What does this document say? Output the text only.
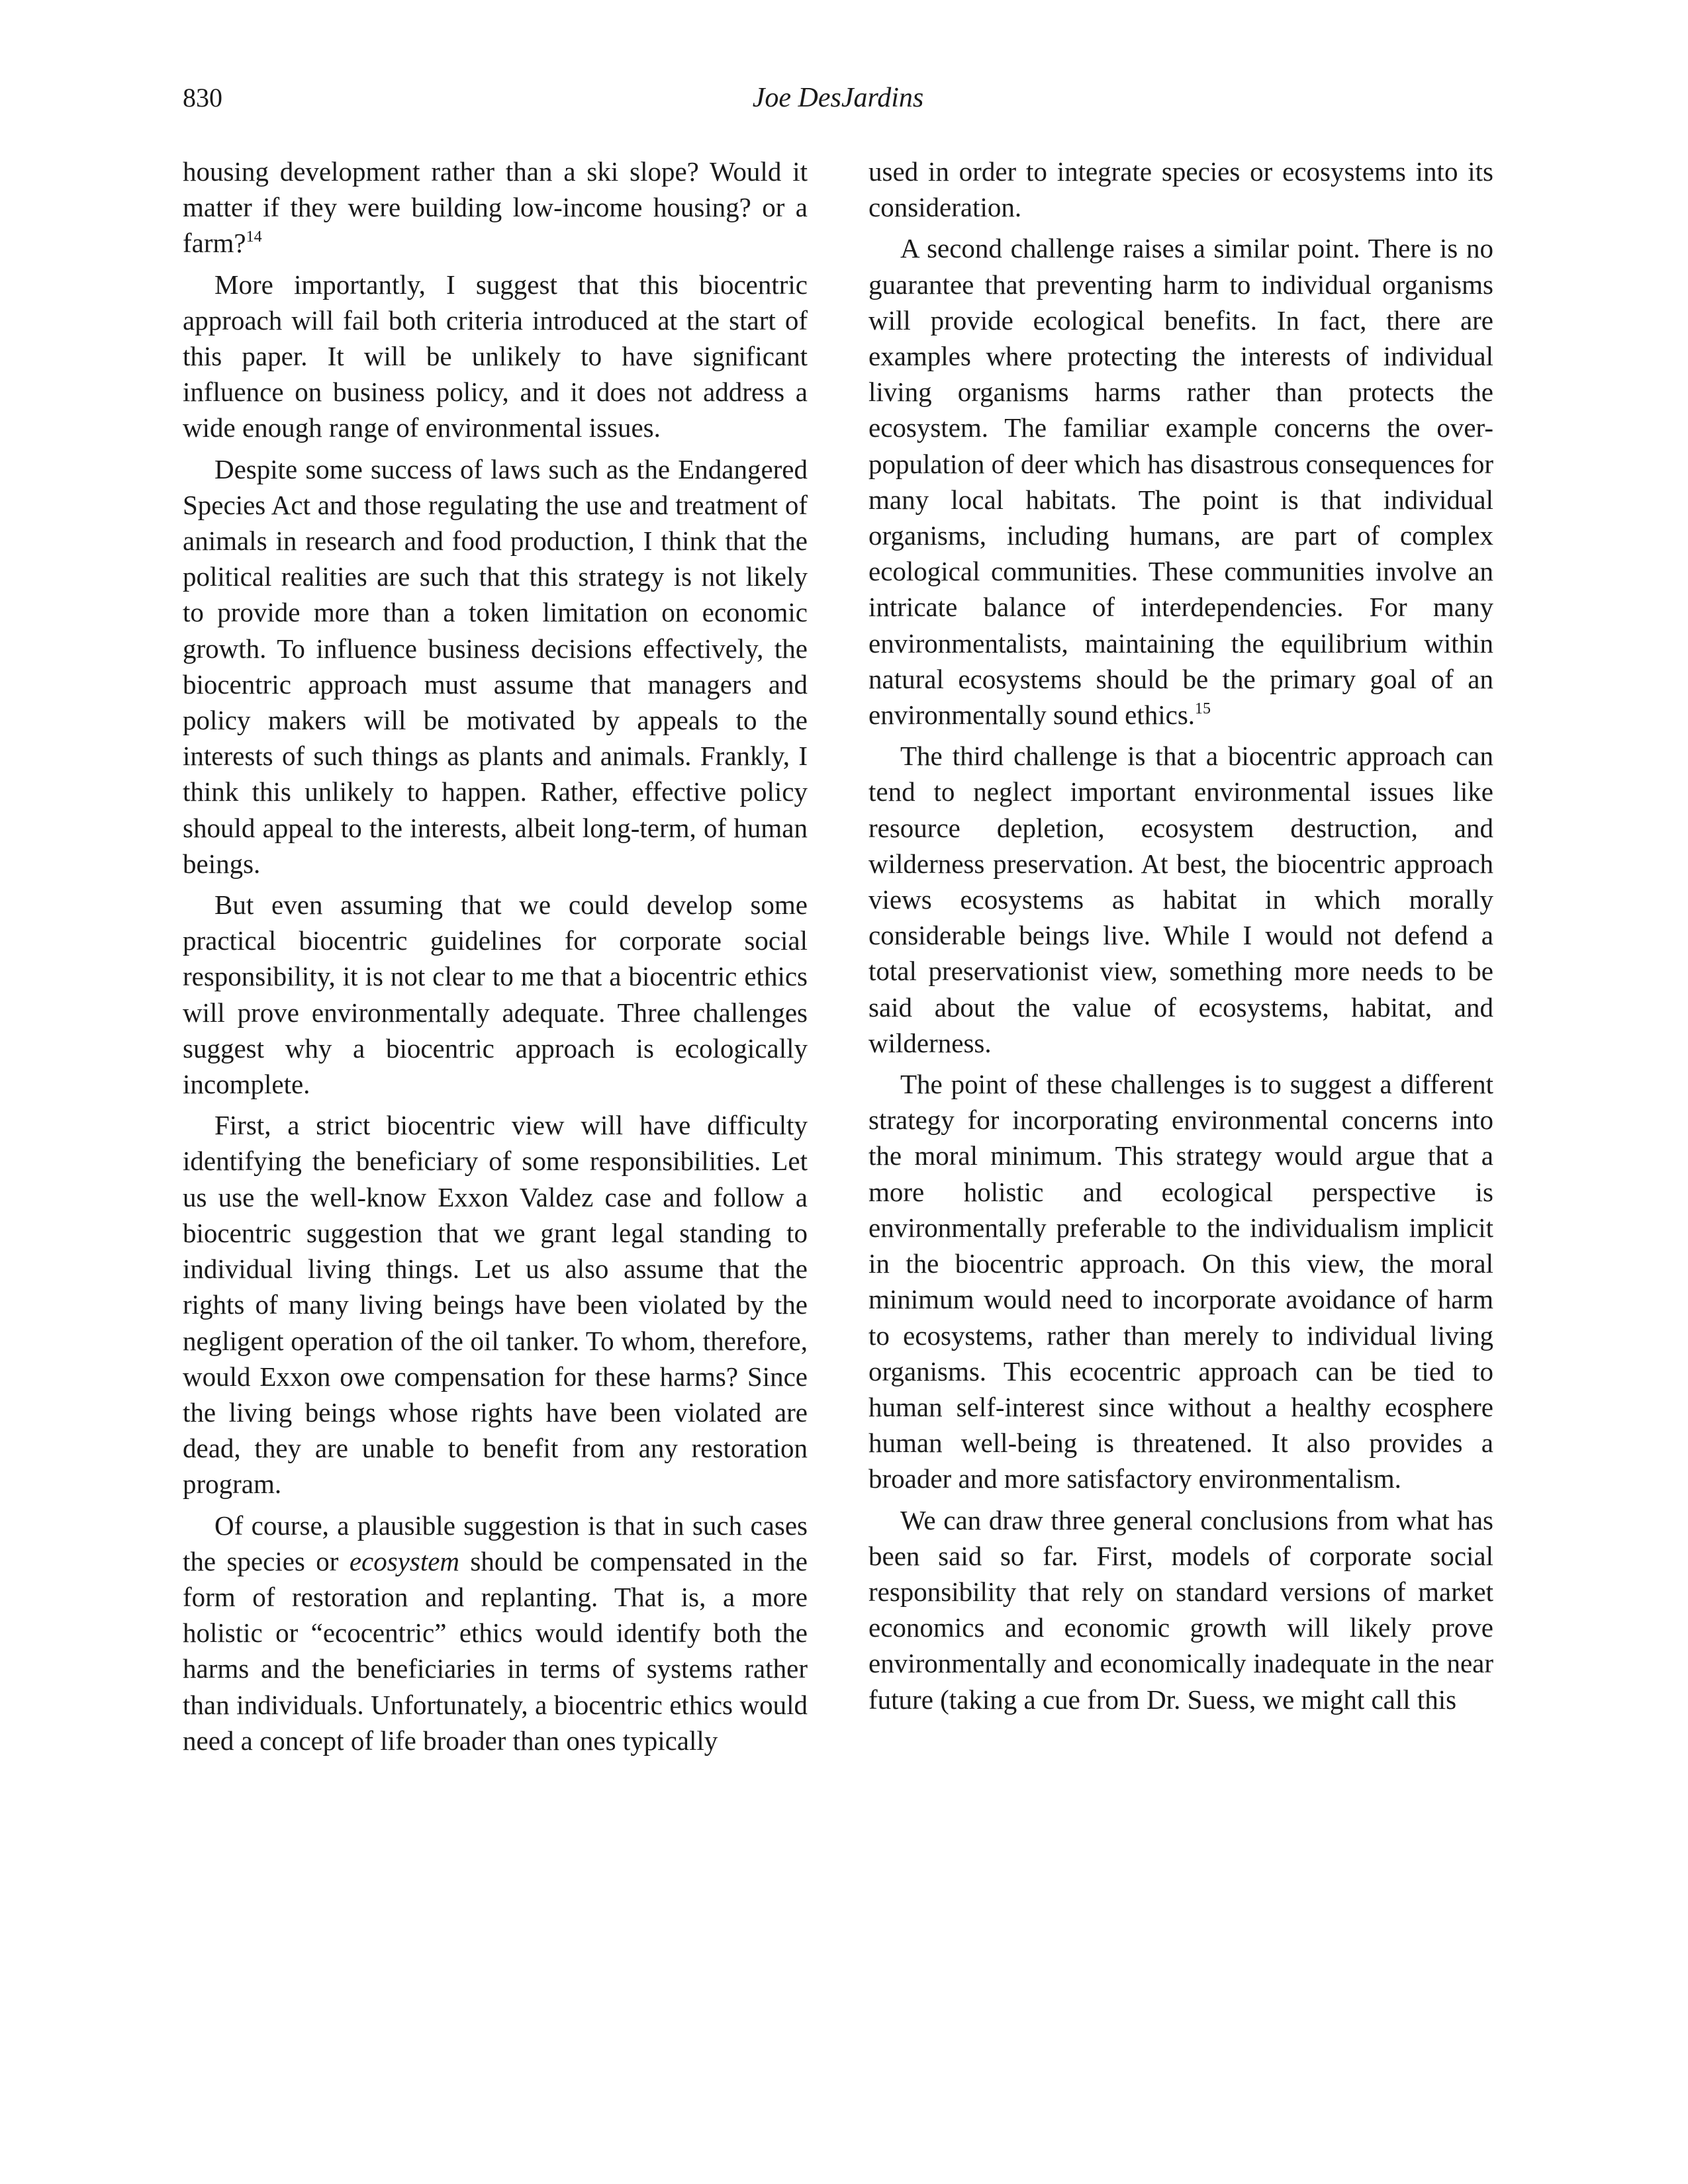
830	Joe DesJardins

housing development rather than a ski slope? Would it matter if they were building low-income housing? or a farm?$^{14}$

More importantly, I suggest that this biocentric approach will fail both criteria introduced at the start of this paper. It will be unlikely to have significant influence on business policy, and it does not address a wide enough range of environmental issues.

Despite some success of laws such as the Endangered Species Act and those regulating the use and treatment of animals in research and food production, I think that the political realities are such that this strategy is not likely to provide more than a token limitation on economic growth. To influence business decisions effectively, the biocentric approach must assume that managers and policy makers will be motivated by appeals to the interests of such things as plants and animals. Frankly, I think this unlikely to happen. Rather, effective policy should appeal to the interests, albeit long-term, of human beings.

But even assuming that we could develop some practical biocentric guidelines for corporate social responsibility, it is not clear to me that a biocentric ethics will prove environmentally adequate. Three challenges suggest why a biocentric approach is ecologically incomplete.

First, a strict biocentric view will have difficulty identifying the beneficiary of some responsibilities. Let us use the well-know Exxon Valdez case and follow a biocentric suggestion that we grant legal standing to individual living things. Let us also assume that the rights of many living beings have been violated by the negligent operation of the oil tanker. To whom, therefore, would Exxon owe compensation for these harms? Since the living beings whose rights have been violated are dead, they are unable to benefit from any restoration program.

Of course, a plausible suggestion is that in such cases the species or ecosystem should be compensated in the form of restoration and replanting. That is, a more holistic or “ecocentric” ethics would identify both the harms and the beneficiaries in terms of systems rather than individuals. Unfortunately, a biocentric ethics would need a concept of life broader than ones typically

used in order to integrate species or ecosystems into its consideration.

A second challenge raises a similar point. There is no guarantee that preventing harm to individual organisms will provide ecological benefits. In fact, there are examples where protecting the interests of individual living organisms harms rather than protects the ecosystem. The familiar example concerns the over-population of deer which has disastrous consequences for many local habitats. The point is that individual organisms, including humans, are part of complex ecological communities. These communities involve an intricate balance of interdependencies. For many environmentalists, maintaining the equilibrium within natural ecosystems should be the primary goal of an environmentally sound ethics.$^{15}$

The third challenge is that a biocentric approach can tend to neglect important environmental issues like resource depletion, ecosystem destruction, and wilderness preservation. At best, the biocentric approach views ecosystems as habitat in which morally considerable beings live. While I would not defend a total preservationist view, something more needs to be said about the value of ecosystems, habitat, and wilderness.

The point of these challenges is to suggest a different strategy for incorporating environmental concerns into the moral minimum. This strategy would argue that a more holistic and ecological perspective is environmentally preferable to the individualism implicit in the biocentric approach. On this view, the moral minimum would need to incorporate avoidance of harm to ecosystems, rather than merely to individual living organisms. This ecocentric approach can be tied to human self-interest since without a healthy ecosphere human well-being is threatened. It also provides a broader and more satisfactory environmentalism.

We can draw three general conclusions from what has been said so far. First, models of corporate social responsibility that rely on standard versions of market economics and economic growth will likely prove environmentally and economically inadequate in the near future (taking a cue from Dr. Suess, we might call this
